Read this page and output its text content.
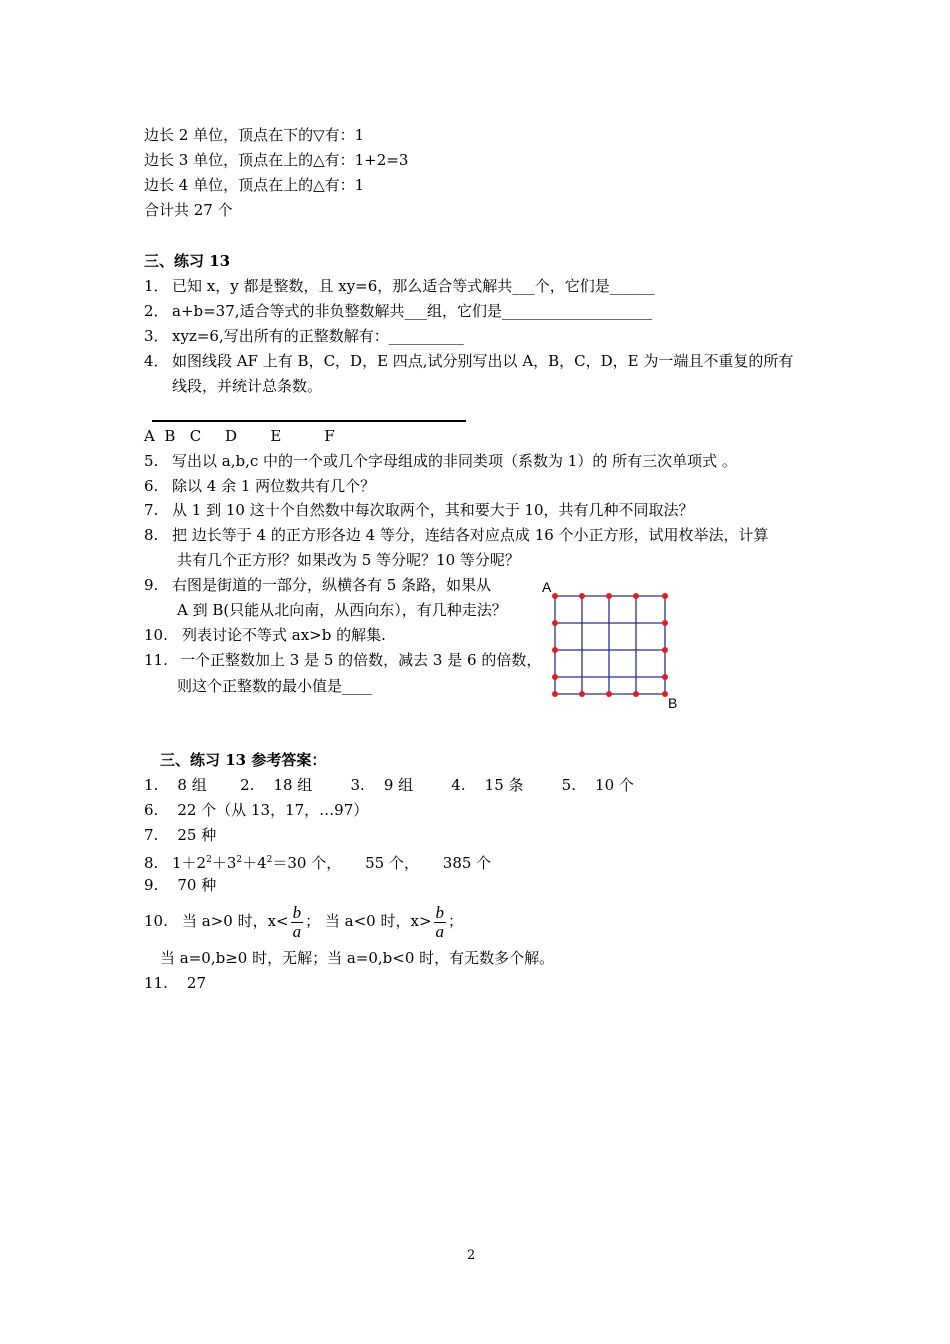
边长 2 单位，顶点在下的▽有：1
边长 3 单位，顶点在上的△有：1+2=3
边长 4 单位，顶点在上的△有：1
合计共 27 个
三、练习 13
1． 已知 x，y 都是整数，且 xy=6，那么适合等式解共___个，它们是______
2． a+b=37,适合等式的非负整数解共___组，它们是____________________
3． xyz=6,写出所有的正整数解有：__________
4． 如图线段 AF 上有 B，C，D，E 四点,试分别写出以 A，B，C，D，E 为一端且不重复的所有
线段，并统计总条数。
A  B   C     D       E         F
5. 写出以 a,b,c 中的一个或几个字母组成的非同类项（系数为 1）的 所有三次单项式 。
6. 除以 4 余 1 两位数共有几个？
7. 从 1 到 10 这十个自然数中每次取两个，其和要大于 10，共有几种不同取法？
8. 把 边长等于 4 的正方形各边 4 等分，连结各对应点成 16 个小正方形，试用枚举法，计算
共有几个正方形？如果改为 5 等分呢？10 等分呢？
9. 右图是街道的一部分，纵横各有 5 条路，如果从
A 到 B(只能从北向南，从西向东），有几种走法？
10. 列表讨论不等式 ax>b 的解集.
11. 一个正整数加上 3 是 5 的倍数，减去 3 是 6 的倍数，
则这个正整数的最小值是____
A
B
三、练习 13 参考答案：
1.    8 组       2.    18 组        3.    9 组        4.    15 条        5.    10 个
6.    22 个（从 13，17，…97）
7.    25 种
8. $1+2^2+3^2+4^2=30$ 个，     55 个，     385 个
9.    70 种
10. 当 a>0 时，$x< \frac{b}{a}$ ； 当 a<0 时，$x> \frac{b}{a}$ ；
当 a=0,b≥0 时，无解；当 a=0,b<0 时，有无数多个解。
11.    27
2
